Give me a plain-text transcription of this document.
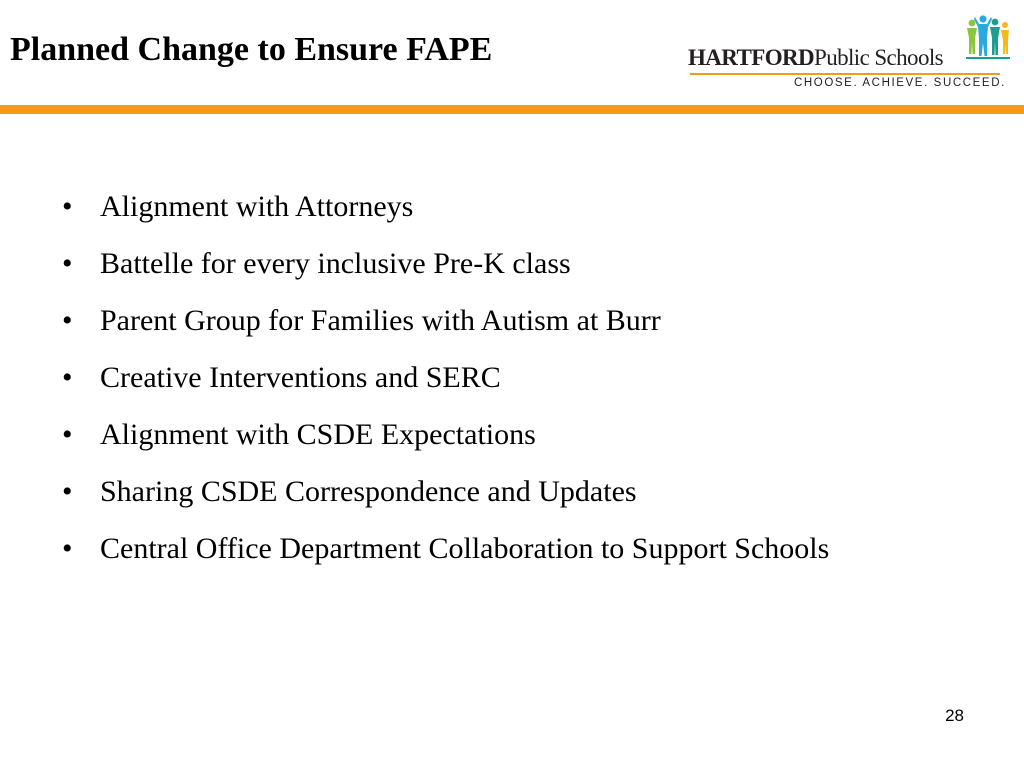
Planned Change to Ensure FAPE	HARTFORDPublic Schools
CHOOSE. ACHIEVE. SUCCEED.
• Alignment with Attorneys
• Battelle for every inclusive Pre-K class
• Parent Group for Families with Autism at Burr
• Creative Interventions and SERC
• Alignment with CSDE Expectations
• Sharing CSDE Correspondence and Updates
• Central Office Department Collaboration to Support Schools
28
